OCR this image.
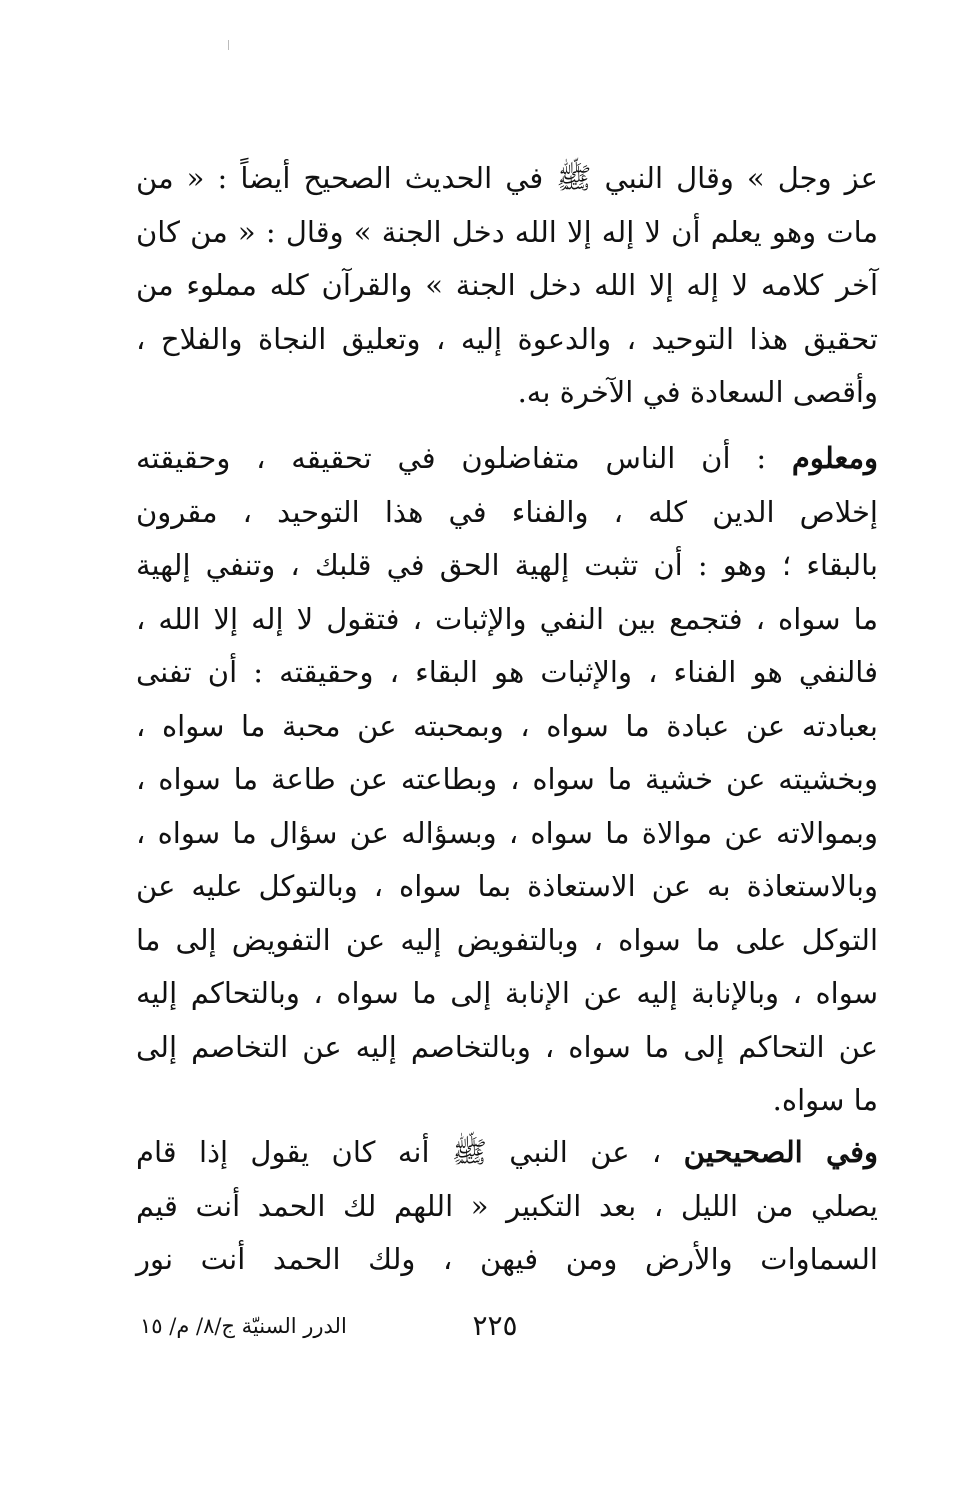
عز وجل » وقال النبي ﷺ في الحديث الصحيح أيضاً : « من
مات وهو يعلم أن لا إله إلا الله دخل الجنة » وقال : « من كان
آخر كلامه لا إله إلا الله دخل الجنة » والقرآن كله مملوء من
تحقيق هذا التوحيد ، والدعوة إليه ، وتعليق النجاة والفلاح ،
وأقصى السعادة في الآخرة به.
ومعلوم : أن الناس متفاضلون في تحقيقه ، وحقيقته
إخلاص الدين كله ، والفناء في هذا التوحيد ، مقرون
بالبقاء ؛ وهو : أن تثبت إلهية الحق في قلبك ، وتنفي إلهية
ما سواه ، فتجمع بين النفي والإثبات ، فتقول لا إله إلا الله ،
فالنفي هو الفناء ، والإثبات هو البقاء ، وحقيقته : أن تفنى
بعبادته عن عبادة ما سواه ، وبمحبته عن محبة ما سواه ،
وبخشيته عن خشية ما سواه ، وبطاعته عن طاعة ما سواه ،
وبموالاته عن موالاة ما سواه ، وبسؤاله عن سؤال ما سواه ،
وبالاستعاذة به عن الاستعاذة بما سواه ، وبالتوكل عليه عن
التوكل على ما سواه ، وبالتفويض إليه عن التفويض إلى ما
سواه ، وبالإنابة إليه عن الإنابة إلى ما سواه ، وبالتحاكم إليه
عن التحاكم إلى ما سواه ، وبالتخاصم إليه عن التخاصم إلى
ما سواه.
وفي الصحيحين ، عن النبي ﷺ أنه كان يقول إذا قام
يصلي من الليل ، بعد التكبير « اللهم لك الحمد أنت قيم
السماوات والأرض ومن فيهن ، ولك الحمد أنت نور
٢٢٥
الدرر السنيّة ج/٨/ م/ ١٥
